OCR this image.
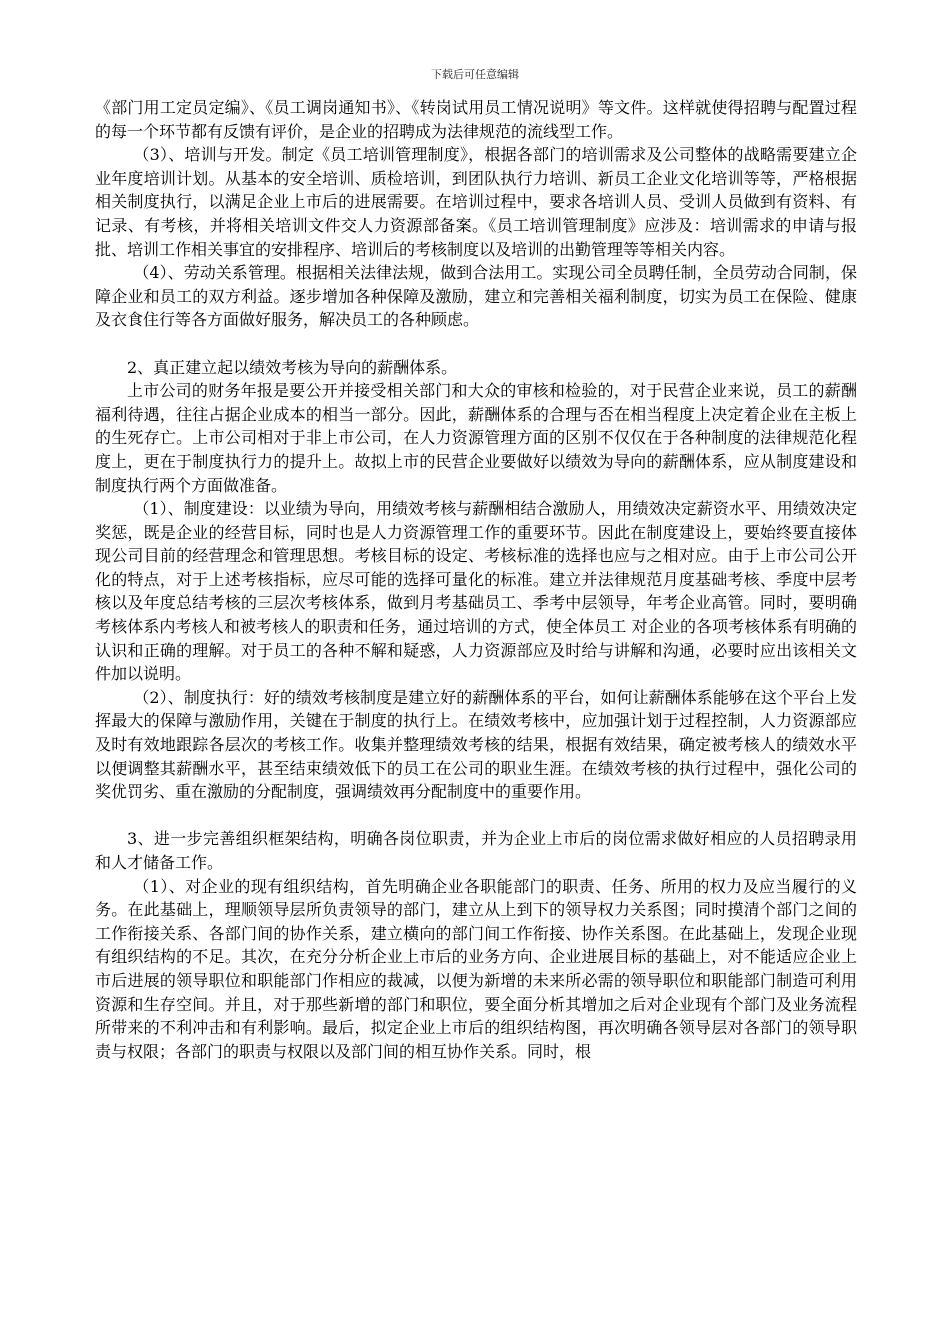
下载后可任意编辑

《部门用工定员定编》、《员工调岗通知书》、《转岗试用员工情况说明》等文件。这样就使得招聘与配置过程的每一个环节都有反馈有评价，是企业的招聘成为法律规范的流线型工作。

（3）、培训与开发。制定《员工培训管理制度》，根据各部门的培训需求及公司整体的战略需要建立企业年度培训计划。从基本的安全培训、质检培训，到团队执行力培训、新员工企业文化培训等等，严格根据相关制度执行，以满足企业上市后的进展需要。在培训过程中，要求各培训人员、受训人员做到有资料、有记录、有考核，并将相关培训文件交人力资源部备案。《员工培训管理制度》应涉及：培训需求的申请与报批、培训工作相关事宜的安排程序、培训后的考核制度以及培训的出勤管理等等相关内容。

（4）、劳动关系管理。根据相关法律法规，做到合法用工。实现公司全员聘任制，全员劳动合同制，保障企业和员工的双方利益。逐步增加各种保障及激励，建立和完善相关福利制度，切实为员工在保险、健康及衣食住行等各方面做好服务，解决员工的各种顾虑。

2、真正建立起以绩效考核为导向的薪酬体系。

上市公司的财务年报是要公开并接受相关部门和大众的审核和检验的，对于民营企业来说，员工的薪酬福利待遇，往往占据企业成本的相当一部分。因此，薪酬体系的合理与否在相当程度上决定着企业在主板上的生死存亡。上市公司相对于非上市公司，在人力资源管理方面的区别不仅仅在于各种制度的法律规范化程度上，更在于制度执行力的提升上。故拟上市的民营企业要做好以绩效为导向的薪酬体系，应从制度建设和制度执行两个方面做准备。

（1）、制度建设：以业绩为导向，用绩效考核与薪酬相结合激励人，用绩效决定薪资水平、用绩效决定奖惩，既是企业的经营目标，同时也是人力资源管理工作的重要环节。因此在制度建设上，要始终要直接体现公司目前的经营理念和管理思想。考核目标的设定、考核标准的选择也应与之相对应。由于上市公司公开化的特点，对于上述考核指标，应尽可能的选择可量化的标准。建立并法律规范月度基础考核、季度中层考核以及年度总结考核的三层次考核体系，做到月考基础员工、季考中层领导，年考企业高管。同时，要明确考核体系内考核人和被考核人的职责和任务，通过培训的方式，使全体员工 对企业的各项考核体系有明确的认识和正确的理解。对于员工的各种不解和疑惑，人力资源部应及时给与讲解和沟通，必要时应出该相关文件加以说明。

（2）、制度执行：好的绩效考核制度是建立好的薪酬体系的平台，如何让薪酬体系能够在这个平台上发挥最大的保障与激励作用，关键在于制度的执行上。在绩效考核中，应加强计划于过程控制，人力资源部应及时有效地跟踪各层次的考核工作。收集并整理绩效考核的结果，根据有效结果，确定被考核人的绩效水平以便调整其薪酬水平，甚至结束绩效低下的员工在公司的职业生涯。在绩效考核的执行过程中，强化公司的奖优罚劣、重在激励的分配制度，强调绩效再分配制度中的重要作用。

3、进一步完善组织框架结构，明确各岗位职责，并为企业上市后的岗位需求做好相应的人员招聘录用和人才储备工作。

（1）、对企业的现有组织结构，首先明确企业各职能部门的职责、任务、所用的权力及应当履行的义务。在此基础上，理顺领导层所负责领导的部门，建立从上到下的领导权力关系图；同时摸清个部门之间的工作衔接关系、各部门间的协作关系，建立横向的部门间工作衔接、协作关系图。在此基础上，发现企业现有组织结构的不足。其次，在充分分析企业上市后的业务方向、企业进展目标的基础上，对不能适应企业上市后进展的领导职位和职能部门作相应的裁减，以便为新增的未来所必需的领导职位和职能部门制造可利用资源和生存空间。并且，对于那些新增的部门和职位，要全面分析其增加之后对企业现有个部门及业务流程所带来的不利冲击和有利影响。最后，拟定企业上市后的组织结构图，再次明确各领导层对各部门的领导职责与权限；各部门的职责与权限以及部门间的相互协作关系。同时，根
